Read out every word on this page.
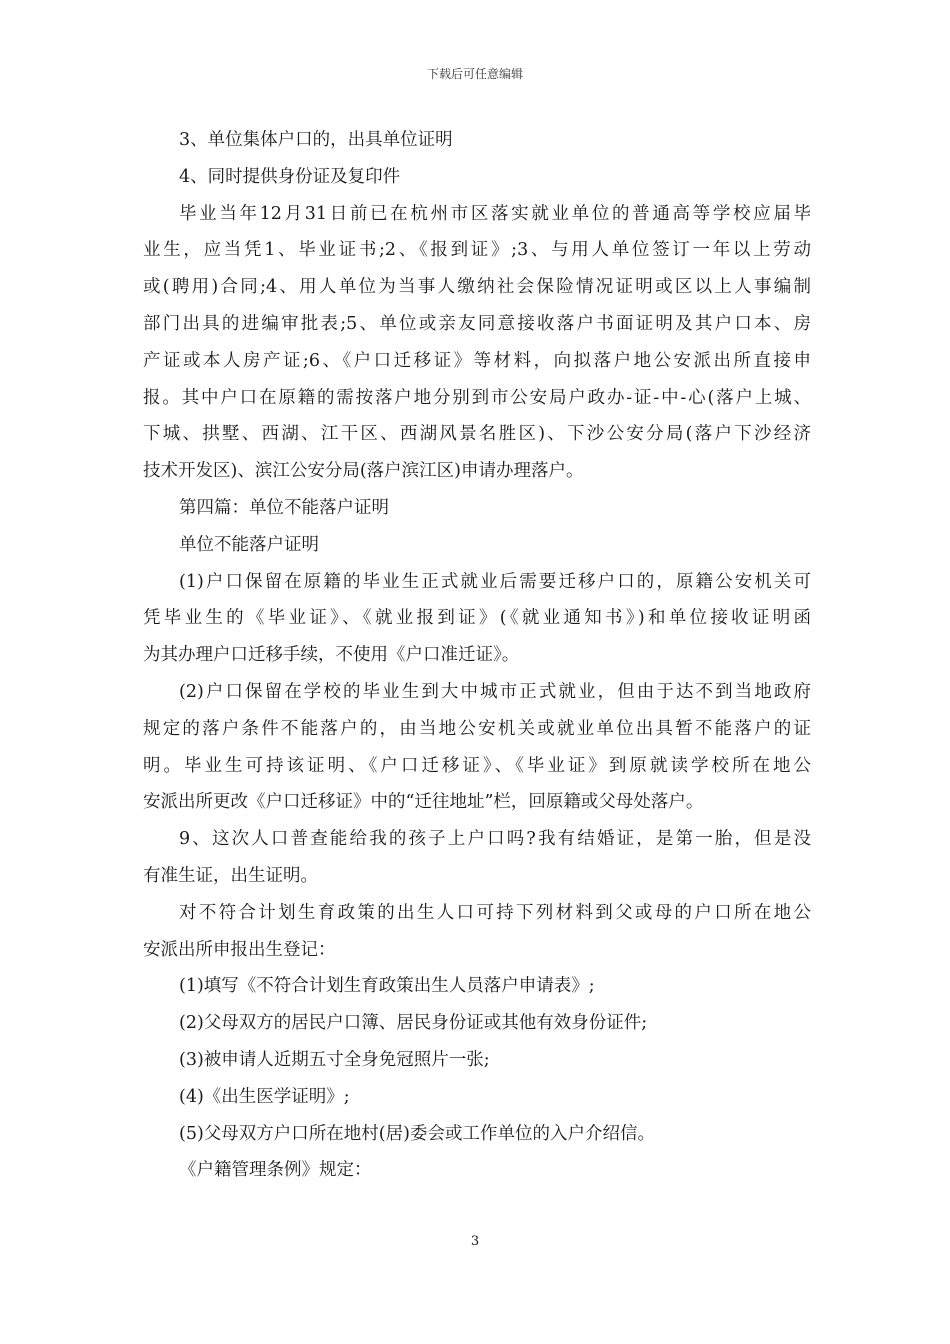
下载后可任意编辑
3、单位集体户口的，出具单位证明
4、同时提供身份证及复印件
毕业当年12月31日前已在杭州市区落实就业单位的普通高等学校应届毕
业生，应当凭1、毕业证书;2、《报到证》;3、与用人单位签订一年以上劳动
或(聘用)合同;4、用人单位为当事人缴纳社会保险情况证明或区以上人事编制
部门出具的进编审批表;5、单位或亲友同意接收落户书面证明及其户口本、房
产证或本人房产证;6、《户口迁移证》等材料，向拟落户地公安派出所直接申
报。其中户口在原籍的需按落户地分别到市公安局户政办-证-中-心(落户上城、
下城、拱墅、西湖、江干区、西湖风景名胜区)、下沙公安分局(落户下沙经济
技术开发区)、滨江公安分局(落户滨江区)申请办理落户。
第四篇：单位不能落户证明
单位不能落户证明
(1)户口保留在原籍的毕业生正式就业后需要迁移户口的，原籍公安机关可
凭毕业生的《毕业证》、《就业报到证》(《就业通知书》)和单位接收证明函
为其办理户口迁移手续，不使用《户口准迁证》。
(2)户口保留在学校的毕业生到大中城市正式就业，但由于达不到当地政府
规定的落户条件不能落户的，由当地公安机关或就业单位出具暂不能落户的证
明。毕业生可持该证明、《户口迁移证》、《毕业证》到原就读学校所在地公
安派出所更改《户口迁移证》中的“迁往地址”栏，回原籍或父母处落户。
9、这次人口普查能给我的孩子上户口吗?我有结婚证，是第一胎，但是没
有准生证，出生证明。
对不符合计划生育政策的出生人口可持下列材料到父或母的户口所在地公
安派出所申报出生登记：
(1)填写《不符合计划生育政策出生人员落户申请表》;
(2)父母双方的居民户口簿、居民身份证或其他有效身份证件;
(3)被申请人近期五寸全身免冠照片一张;
(4)《出生医学证明》;
(5)父母双方户口所在地村(居)委会或工作单位的入户介绍信。
《户籍管理条例》规定：
3
